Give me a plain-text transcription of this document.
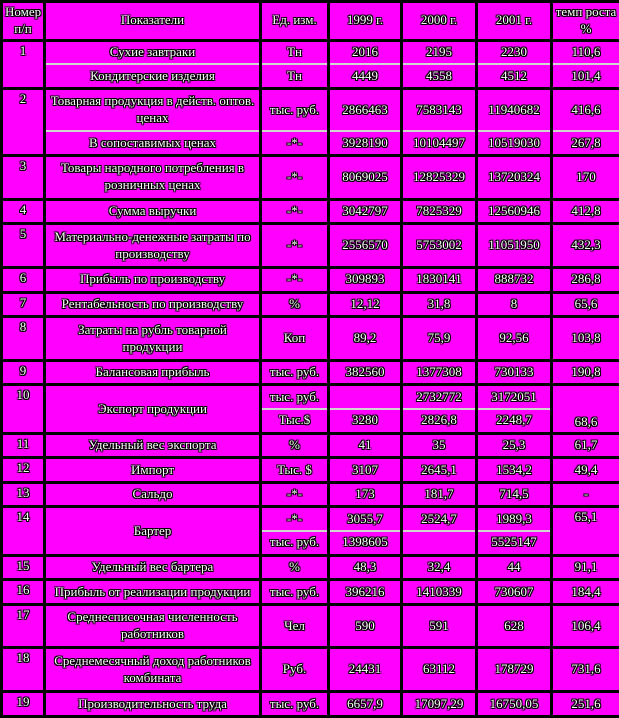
Номер п/п	Показатели	Ед. изм.	1999 г.	2000 г.	2001 г.	темп роста %
1	Сухие завтраки	Тн	2016	2195	2230	110,6
	Кондитерские изделия	Тн	4449	4558	4512	101,4
2	Товарная продукция в действ. оптов. ценах	тыс. руб.	2866463	7583143	11940682	416,6
	В сопоставимых ценах	-*-	3928190	10104497	10519030	267,8
3	Товары народного потребления в розничных ценах	-*-	8069025	12825329	13720324	170
4	Сумма выручки	-*-	3042797	7825329	12560946	412,8
5	Материально-денежные затраты по производству	-*-	2556570	5753002	11051950	432,3
6	Прибыль по производству	-*-	309893	1830141	888732	286,8
7	Рентабельность по производству	%	12,12	31,8	8	65,6
8	Затраты на рубль товарной продукции	Коп	89,2	75,9	92,56	103,8
9	Балансовая прибыль	тыс. руб.	382560	1377308	730133	190,8
10	Экспорт продукции	тыс. руб.		2732772	3172051	68,6
		Тыс.$	3280	2826,8	2248,7	
11	Удельный вес экспорта	%	41	35	25,3	61,7
12	Импорт	Тыс. $	3107	2645,1	1534,2	49,4
13	Сальдо	-*-	173	181,7	714,5	-
14	Бартер	-*-	3055,7	2524,7	1989,3	65,1
		тыс. руб.	1398605		5525147	
15	Удельный вес бартера	%	48,3	32,4	44	91,1
16	Прибыль от реализации продукции	тыс. руб.	396216	1410339	730607	184,4
17	Среднесписочная численность работников	Чел	590	591	628	106,4
18	Среднемесячный доход работников комбината	Руб.	24431	63112	178729	731,6
19	Производительность труда	тыс. руб.	6657,9	17097,29	16750,05	251,6
